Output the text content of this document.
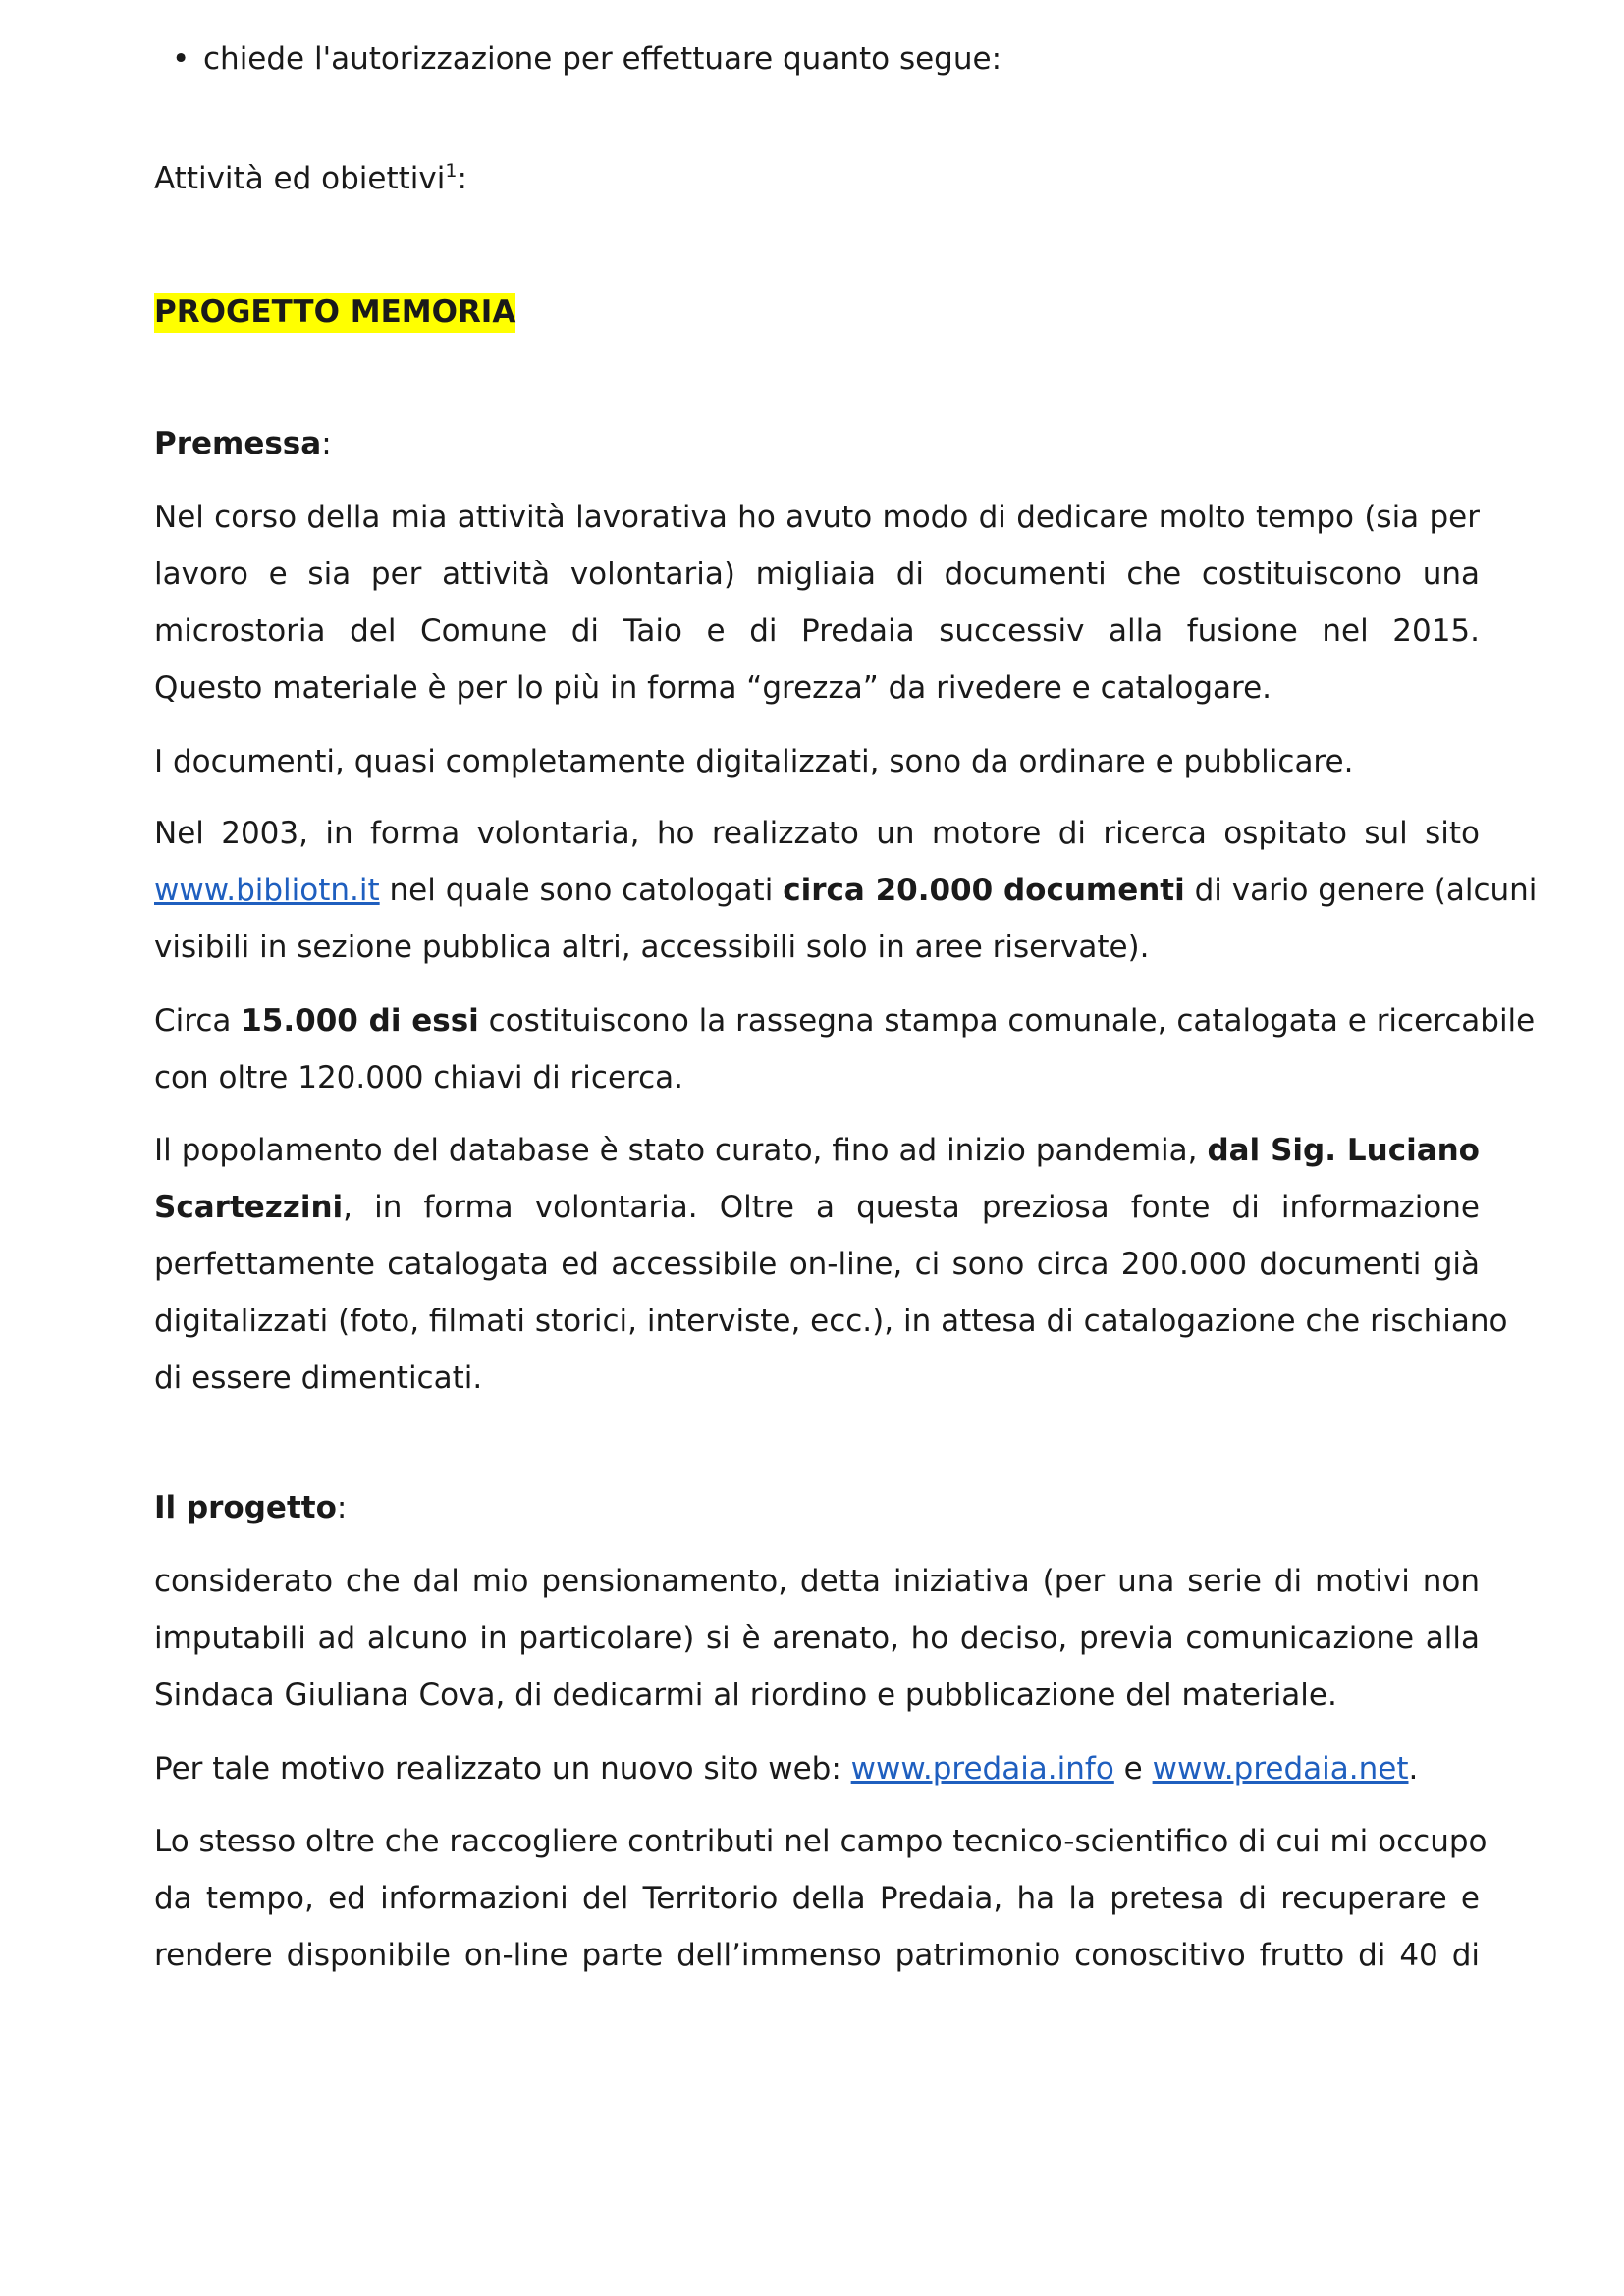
• chiede l'autorizzazione per effettuare quanto segue:
Attività ed obiettivi$^1$:
PROGETTO MEMORIA
Premessa:
Nel corso della mia attività lavorativa ho avuto modo di dedicare molto tempo (sia per
lavoro e sia per attività volontaria) migliaia di documenti che costituiscono una
microstoria del Comune di Taio e di Predaia successiv alla fusione nel 2015.
Questo materiale è per lo più in forma “grezza” da rivedere e catalogare.
I documenti, quasi completamente digitalizzati, sono da ordinare e pubblicare.
Nel 2003, in forma volontaria, ho realizzato un motore di ricerca ospitato sul sito
www.bibliotn.it nel quale sono catologati circa 20.000 documenti di vario genere (alcuni
visibili in sezione pubblica altri, accessibili solo in aree riservate).
Circa 15.000 di essi costituiscono la rassegna stampa comunale, catalogata e ricercabile
con oltre 120.000 chiavi di ricerca.
Il popolamento del database è stato curato, fino ad inizio pandemia, dal Sig. Luciano
Scartezzini, in forma volontaria. Oltre a questa preziosa fonte di informazione
perfettamente catalogata ed accessibile on-line, ci sono circa 200.000 documenti già
digitalizzati (foto, filmati storici, interviste, ecc.), in attesa di catalogazione che rischiano
di essere dimenticati.
Il progetto:
considerato che dal mio pensionamento, detta iniziativa (per una serie di motivi non
imputabili ad alcuno in particolare) si è arenato, ho deciso, previa comunicazione alla
Sindaca Giuliana Cova, di dedicarmi al riordino e pubblicazione del materiale.
Per tale motivo realizzato un nuovo sito web: www.predaia.info e www.predaia.net.
Lo stesso oltre che raccogliere contributi nel campo tecnico-scientifico di cui mi occupo
da tempo, ed informazioni del Territorio della Predaia, ha la pretesa di recuperare e
rendere disponibile on-line parte dell’immenso patrimonio conoscitivo frutto di 40 di
